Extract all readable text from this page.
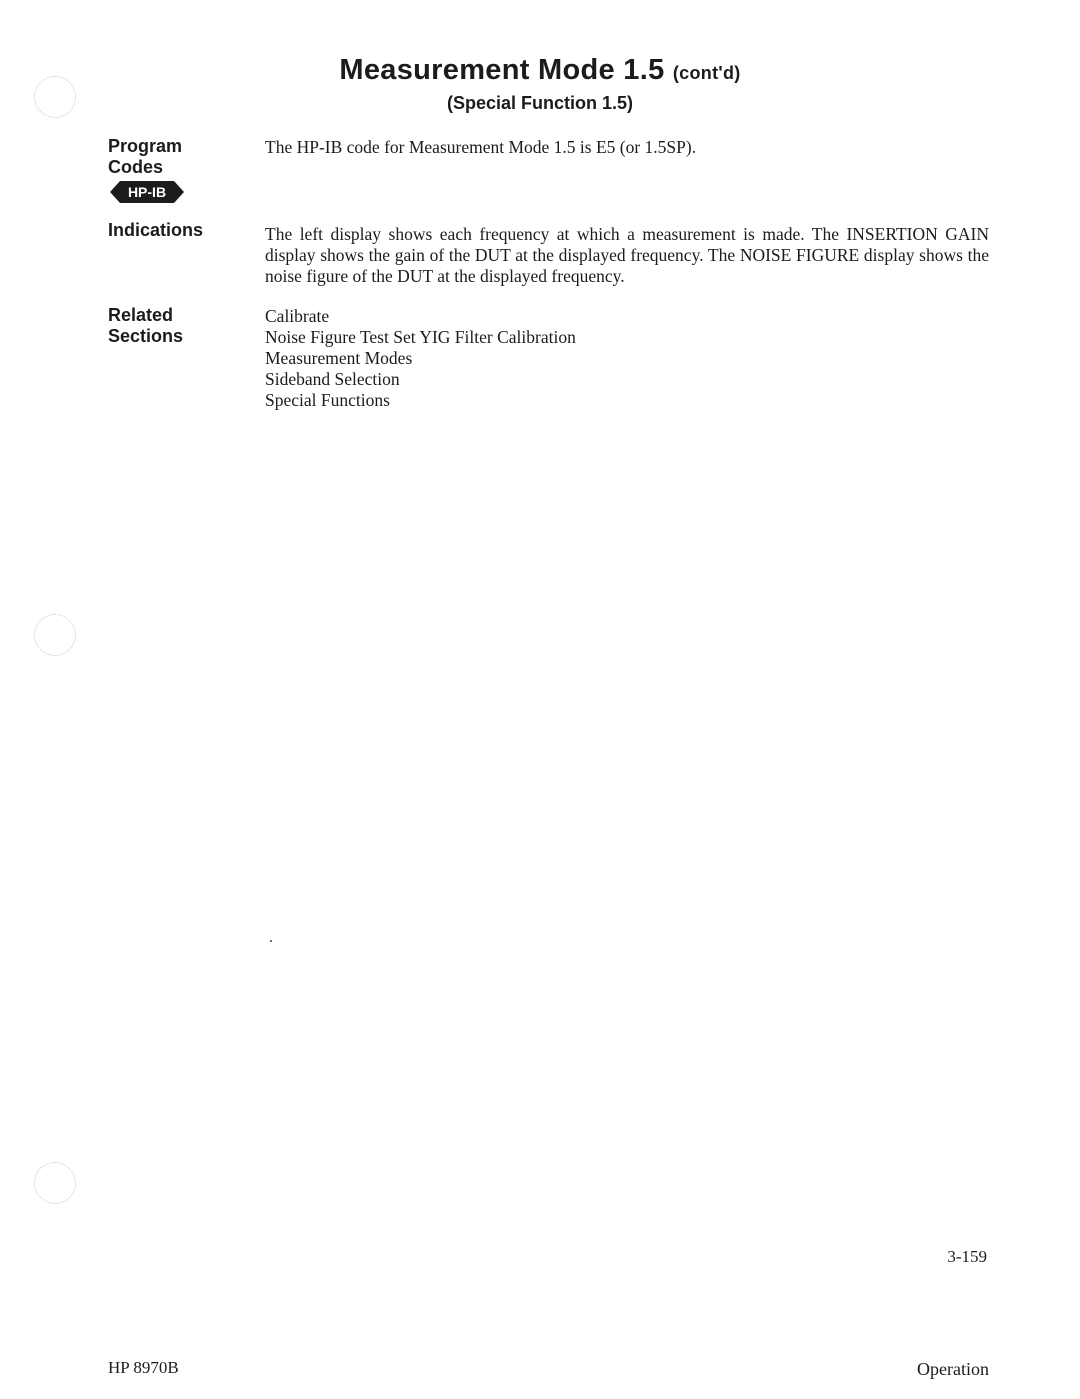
Measurement Mode 1.5 (cont'd)
(Special Function 1.5)
Program
Codes
HP-IB
The HP-IB code for Measurement Mode 1.5 is E5 (or 1.5SP).
Indications	The left display shows each frequency at which a measurement is made. The INSERTION GAIN display shows the gain of the DUT at the displayed frequency. The NOISE FIGURE display shows the noise figure of the DUT at the displayed frequency.
Related
Sections
Calibrate
Noise Figure Test Set YIG Filter Calibration
Measurement Modes
Sideband Selection
Special Functions
3-159
HP 8970B	Operation
